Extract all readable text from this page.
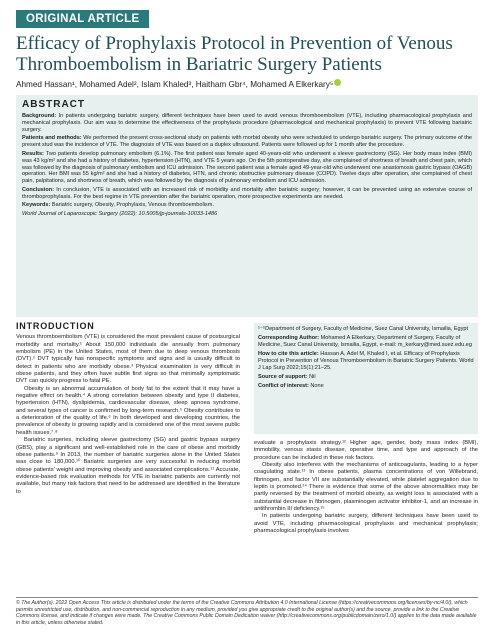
ORIGINAL ARTICLE
Efficacy of Prophylaxis Protocol in Prevention of Venous Thromboembolism in Bariatric Surgery Patients
Ahmed Hassan¹, Mohamed Adel², Islam Khaled³, Haitham Gbr⁴, Mohamed A Elkerkary⁵
ABSTRACT

Background: In patients undergoing bariatric surgery, different techniques have been used to avoid venous thromboembolism (VTE), including pharmacological prophylaxis and mechanical prophylaxis. Our aim was to determine the effectiveness of the prophylaxis procedure (pharmacological and mechanical prophylaxis) to prevent VTE following bariatric surgery.

Patients and methods: We performed the present cross-sectional study on patients with morbid obesity who were scheduled to undergo bariatric surgery. The primary outcome of the present stud was the incidence of VTE. The diagnosis of VTE was based on a duplex ultrasound. Patients were followed up for 1 month after the procedure.

Results: Two patients develop pulmonary embolism (6.1%). The first patient was female aged 40-years-old who underwent a sleeve gastrectomy (SG). Her body mass index (BMI) was 43 kg/m² and she had a history of diabetes, hypertension (HTN), and VTE 5 years ago. On the 5th postoperative day, she complained of shortness of breath and chest pain, which was followed by the diagnosis of pulmonary embolism and ICU admission. The second patient was a female aged 49-year-old who underwent one anastomosis gastric bypass (OAGB) operation. Her BMI was 55 kg/m² and she had a history of diabetes, HTN, and chronic obstructive pulmonary disease (COPD). Twelve days after operation, she complained of chest pain, palpitations, and shortness of breath, which was followed by the diagnosis of pulmonary embolism and ICU admission.

Conclusion: In conclusion, VTE is associated with an increased risk of morbidity and mortality after bariatric surgery; however, it can be prevented using an extensive course of thromboprophylaxis. For the best regime in VTE prevention after the bariatric operation, more prospective experiments are needed.

Keywords: Bariatric surgery, Obesity, Prophylaxis, Venous thromboembolism.

World Journal of Laparoscopic Surgery (2022): 10.5005/jp-journals-10033-1486

INTRODUCTION

Venous thromboembolism (VTE) is considered the most prevalent cause of postsurgical morbidity and mortality.¹ About 150,000 individuals die annually from pulmonary embolism (PE) in the United States, most of them due to deep venous thrombosis (DVT).² DVT typically has nonspecific symptoms and signs and is usually difficult to detect in patients who are morbidly obese.³ Physical examination is very difficult in obese patients, and they often have subtle first signs so that minimally symptomatic DVT can quickly progress to fatal PE.

Obesity is an abnormal accumulation of body fat to the extent that it may have a negative effect on health.⁴ A strong correlation between obesity and type II diabetes, hypertension (HTN), dyslipidemia, cardiovascular disease, sleep apnoea syndrome, and several types of cancer is confirmed by long-term research.⁵ Obesity contributes to a deterioration of the quality of life.⁶ In both developed and developing countries, the prevalence of obesity is growing rapidly and is considered one of the most severe public health issues.⁷˒⁸

Bariatric surgeries, including sleeve gastrectomy (SG) and gastric bypass surgery (GBS), play a significant and well-established role in the care of obese and morbidly obese patients.⁹ In 2013, the number of bariatric surgeries alone in the United States was close to 180,000.¹⁰ Bariatric surgeries are very successful in reducing morbid obese patients' weight and improving obesity and associated complications.¹¹ Accurate, evidence-based risk evaluation methods for VTE in bariatric patients are currently not available, but many risk factors that need to be addressed are identified in the literature to

¹⁻⁵Department of Surgery, Faculty of Medicine, Suez Canal University, Ismailia, Egypt

Corresponding Author: Mohamed A Elkerkary, Department of Surgery, Faculty of Medicine, Suez Canal University, Ismailia, Egypt, e-mail: m_kerkary@med.suez.edu.eg

How to cite this article: Hassan A, Adel M, Khaled I, et al. Efficacy of Prophylaxis Protocol in Prevention of Venous Thromboembolism in Bariatric Surgery Patients. World J Lap Surg 2022;15(1):21–25.

Source of support: Nil

Conflict of interest: None

evaluate a prophylaxis strategy.¹² Higher age, gender, body mass index (BMI), immobility, venous stasis disease, operative time, and type and approach of the procedure can be included in these risk factors.

Obesity also interferes with the mechanisms of anticoagulants, leading to a hyper coagulating state.¹³ In obese patients, plasma concentrations of von Willebrand, fibrinogen, and factor VII are substantially elevated, while platelet aggregation due to leptin is promoted.¹⁴ There is evidence that some of the above abnormalities may be partly reversed by the treatment of morbid obesity, as weight loss is associated with a substantial decrease in fibrinogen, plasminogen activator inhibitor-1, and an increase in antithrombin III deficiency.¹⁵

In patients undergoing bariatric surgery, different techniques have been used to avoid VTE, including pharmacological prophylaxis and mechanical prophylaxis; pharmacological prophylaxis involves

© The Author(s). 2022 Open Access This article is distributed under the terms of the Creative Commons Attribution 4.0 International License (https://creativecommons.org/licenses/by-nc/4.0/), which permits unrestricted use, distribution, and non-commercial reproduction in any medium, provided you give appropriate credit to the original author(s) and the source, provide a link to the Creative Commons license, and indicate if changes were made. The Creative Commons Public Domain Dedication waiver (http://creativecommons.org/publicdomain/zero/1.0/) applies to the data made available in this article, unless otherwise stated.
